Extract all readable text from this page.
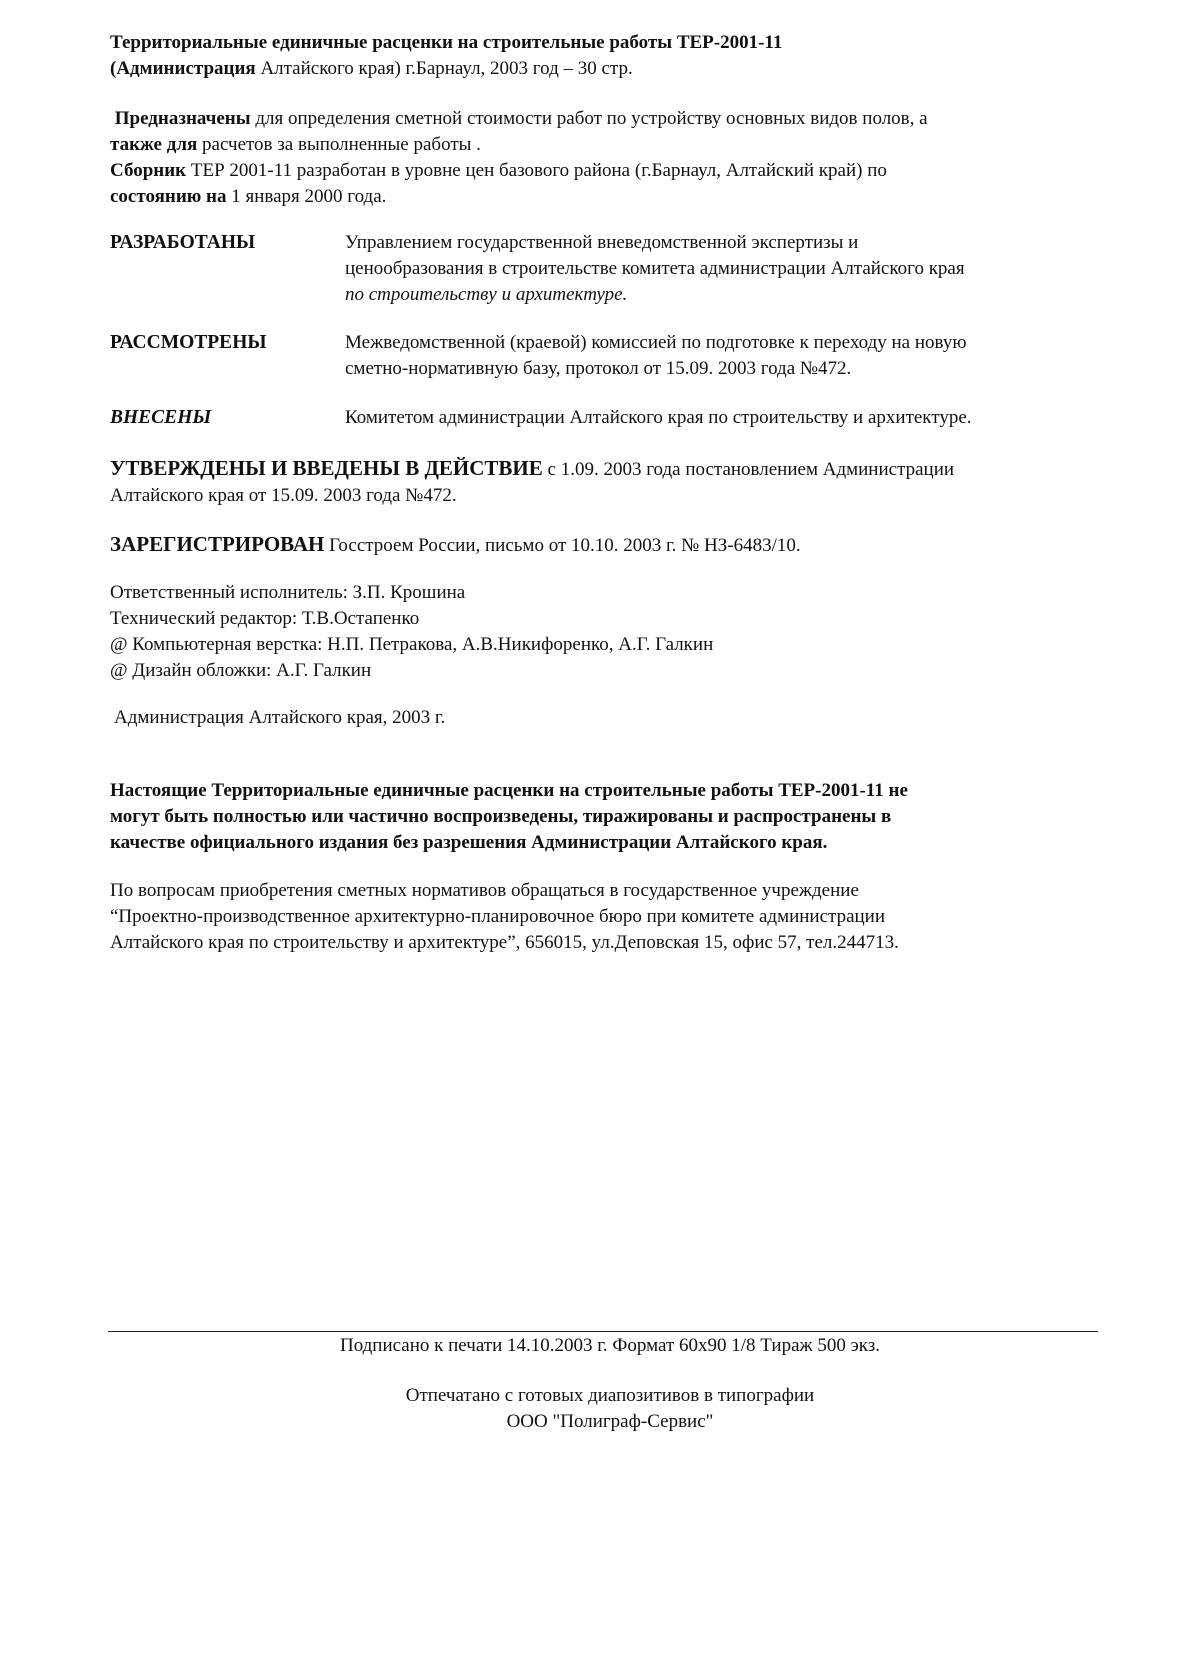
Территориальные единичные расценки на строительные работы ТЕР-2001-11

(Администрация Алтайского края) г.Барнаул, 2003 год – 30 стр.

Предназначены для определения сметной стоимости работ по устройству основных видов полов, а

также для расчетов за выполненные работы .

Сборник ТЕР 2001-11 разработан в уровне цен базового района (г.Барнаул, Алтайский край) по

состоянию на 1 января 2000 года.

РАЗРАБОТАНЫ	Управлением государственной вневедомственной экспертизы и

ценообразования в строительстве комитета администрации Алтайского края

по строительству и архитектуре.

РАССМОТРЕНЫ	Межведомственной (краевой) комиссией по подготовке к переходу на новую

сметно-нормативную базу, протокол от 15.09. 2003 года №472.

ВНЕСЕНЫ	Комитетом администрации Алтайского края по строительству и архитектуре.

УТВЕРЖДЕНЫ И ВВЕДЕНЫ В ДЕЙСТВИЕ с 1.09. 2003 года постановлением Администрации

Алтайского края от 15.09. 2003 года №472.

ЗАРЕГИСТРИРОВАН Госстроем России, письмо от 10.10. 2003 г. № НЗ-6483/10.

Ответственный исполнитель: З.П. Крошина

Технический редактор: Т.В.Остапенко

@ Компьютерная верстка: Н.П. Петракова, А.В.Никифоренко, А.Г. Галкин

@ Дизайн обложки: А.Г. Галкин

Администрация Алтайского края, 2003 г.

Настоящие Территориальные единичные расценки на строительные работы ТЕР-2001-11 не

могут быть полностью или частично воспроизведены, тиражированы и распространены в

качестве официального издания без разрешения Администрации Алтайского края.

По вопросам приобретения сметных нормативов обращаться в государственное учреждение

“Проектно-производственное архитектурно-планировочное бюро при комитете администрации

Алтайского края по строительству и архитектуре”, 656015, ул.Деповская 15, офис 57, тел.244713.

Подписано к печати 14.10.2003 г. Формат 60х90 1/8 Тираж 500 экз.
Отпечатано с готовых диапозитивов в типографии
ООО "Полиграф-Сервис"
